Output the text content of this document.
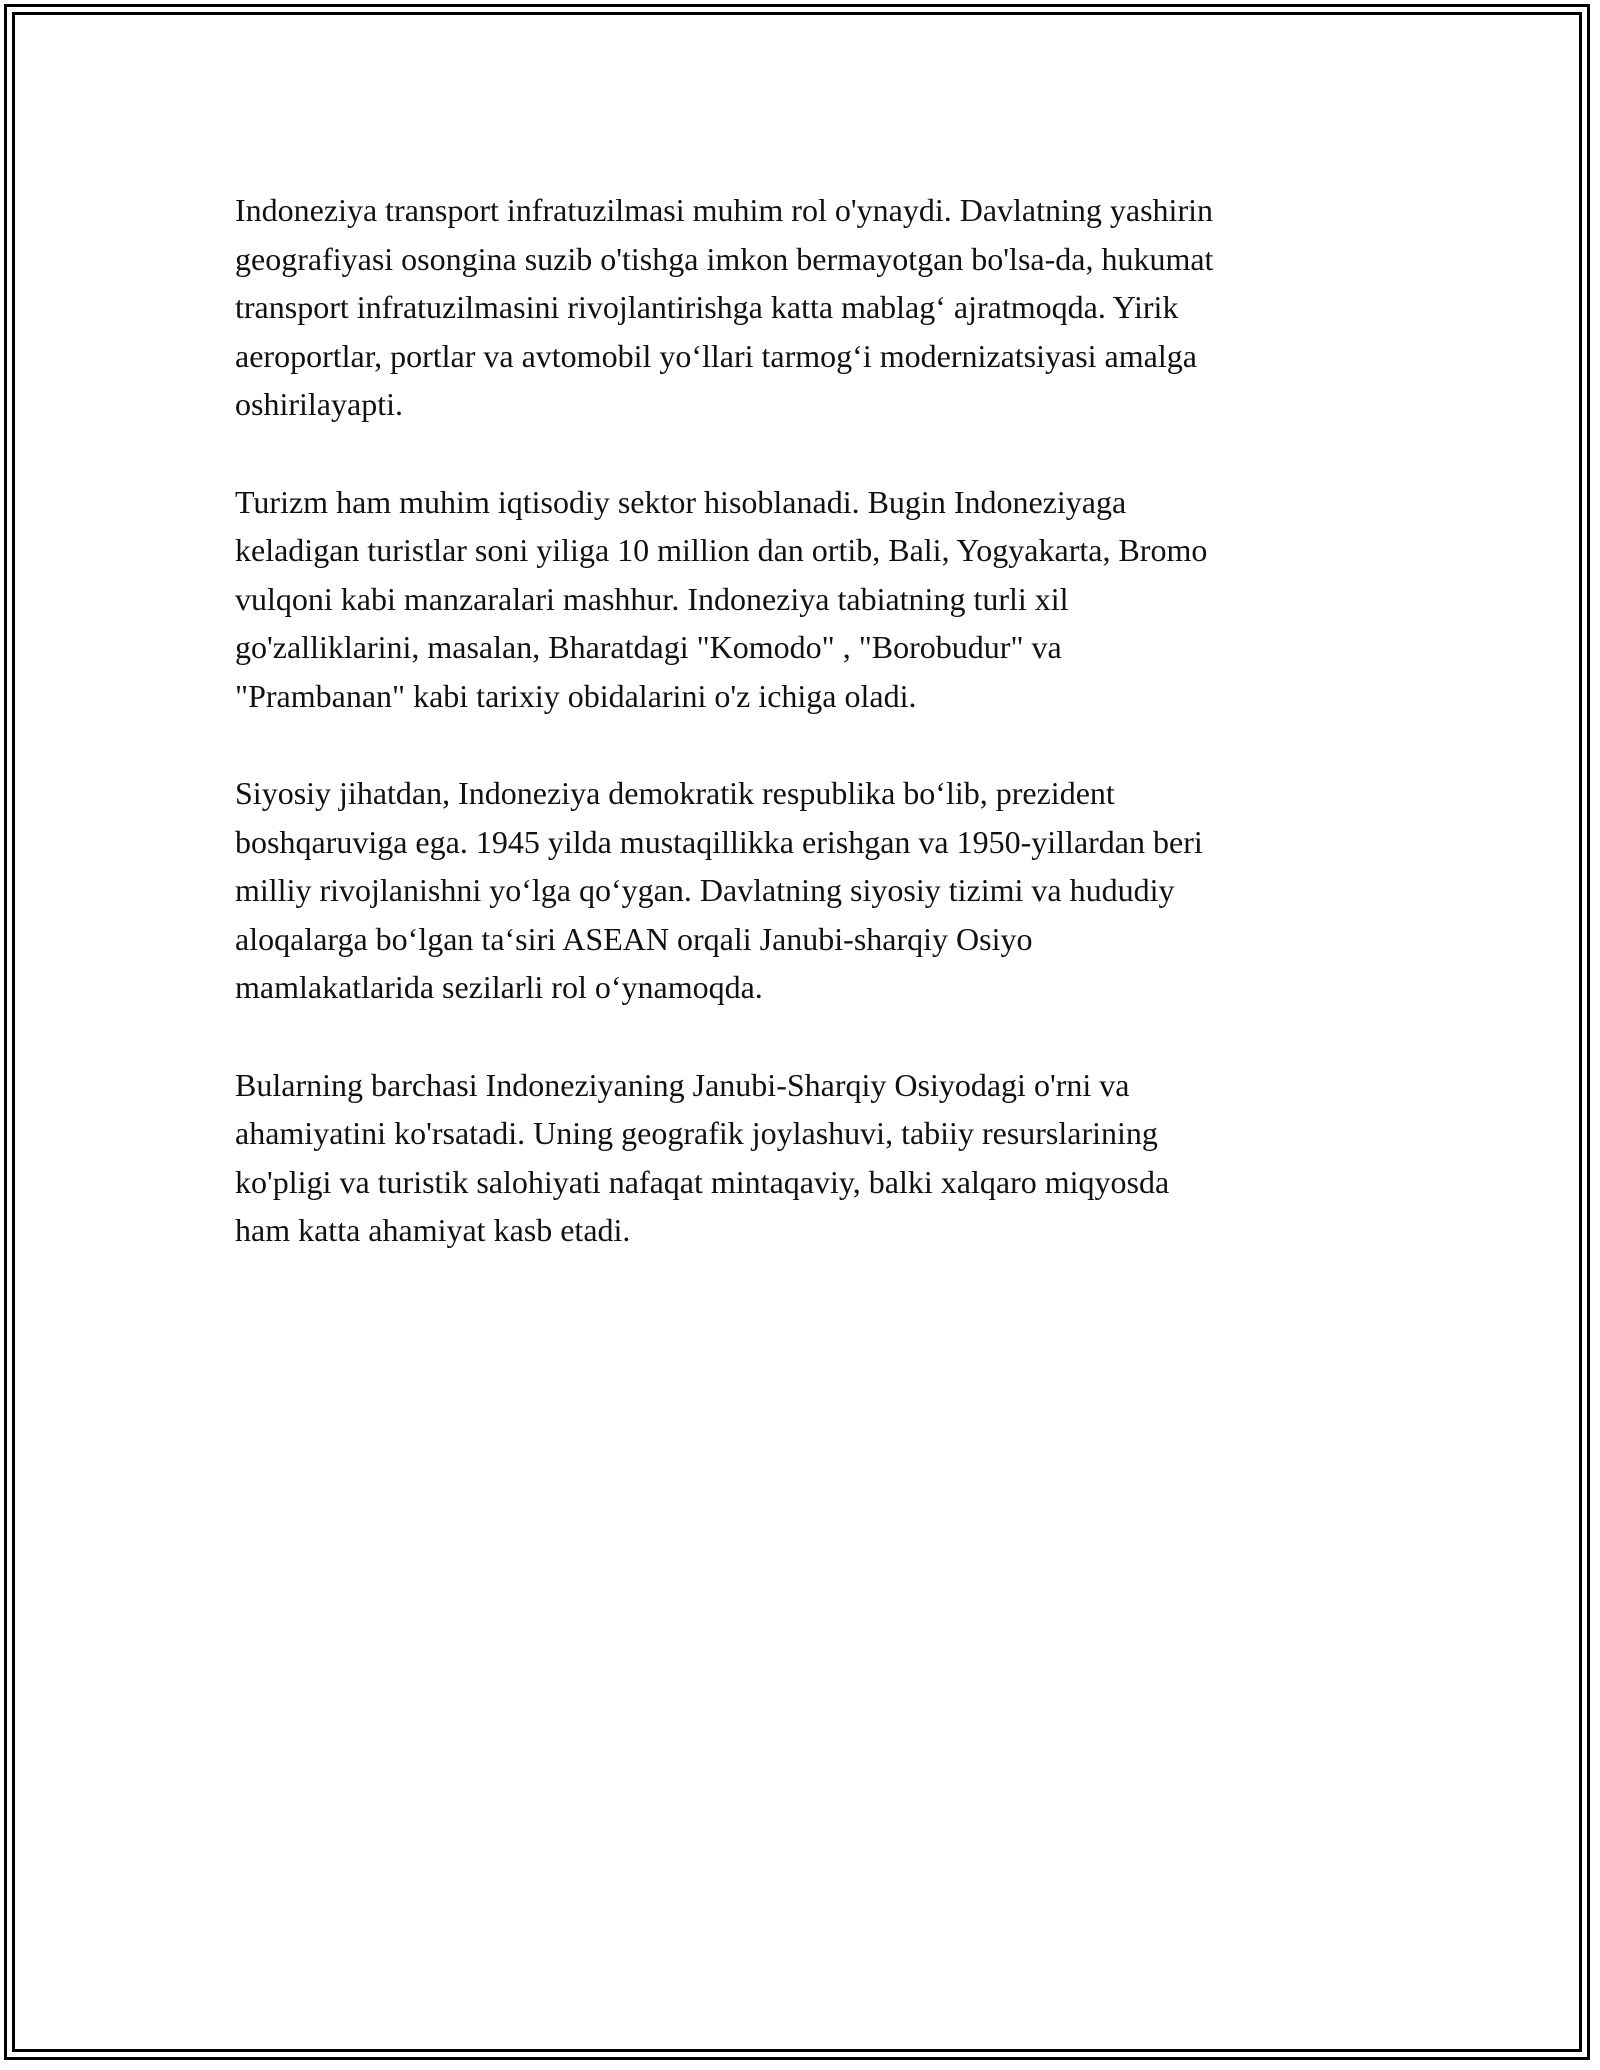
Indoneziya transport infratuzilmasi muhim rol o'ynaydi. Davlatning yashirin
geografiyasi osongina suzib o'tishga imkon bermayotgan bo'lsa-da, hukumat
transport infratuzilmasini rivojlantirishga katta mablag‘ ajratmoqda. Yirik
aeroportlar, portlar va avtomobil yo‘llari tarmog‘i modernizatsiyasi amalga
oshirilayapti.

Turizm ham muhim iqtisodiy sektor hisoblanadi. Bugin Indoneziyaga
keladigan turistlar soni yiliga 10 million dan ortib, Bali, Yogyakarta, Bromo
vulqoni kabi manzaralari mashhur. Indoneziya tabiatning turli xil
go'zalliklarini, masalan, Bharatdagi "Komodo" , "Borobudur" va
"Prambanan" kabi tarixiy obidalarini o'z ichiga oladi.

Siyosiy jihatdan, Indoneziya demokratik respublika bo‘lib, prezident
boshqaruviga ega. 1945 yilda mustaqillikka erishgan va 1950-yillardan beri
milliy rivojlanishni yo‘lga qo‘ygan. Davlatning siyosiy tizimi va hududiy
aloqalarga bo‘lgan ta‘siri ASEAN orqali Janubi-sharqiy Osiyo
mamlakatlarida sezilarli rol o‘ynamoqda.

Bularning barchasi Indoneziyaning Janubi-Sharqiy Osiyodagi o'rni va
ahamiyatini ko'rsatadi. Uning geografik joylashuvi, tabiiy resurslarining
ko'pligi va turistik salohiyati nafaqat mintaqaviy, balki xalqaro miqyosda
ham katta ahamiyat kasb etadi.
